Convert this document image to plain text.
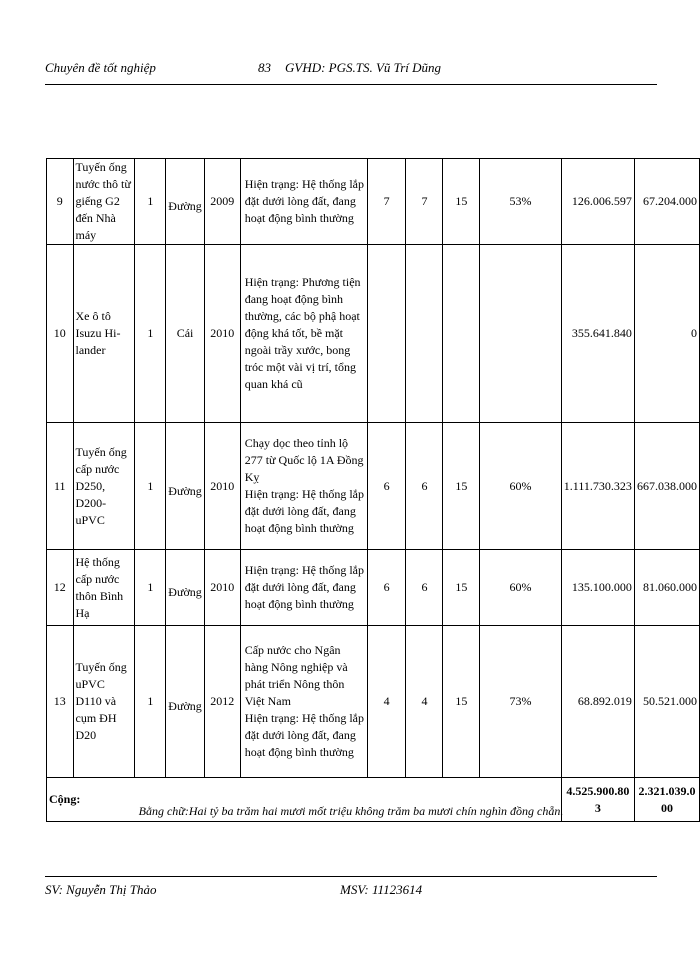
Chuyên đề tốt nghiệp	83 GVHD: PGS.TS. Vũ Trí Dũng
9	Tuyến ống nước thô từ giếng G2 đến Nhà máy	1	Đường	2009	Hiện trạng: Hệ thống lắp đặt dưới lòng đất, đang hoạt động bình thường	7	7	15	53%	126.006.597	67.204.000
10	Xe ô tô Isuzu Hi-lander	1	Cái	2010	Hiện trạng: Phương tiện đang hoạt động bình thường, các bộ phậ hoạt động khá tốt, bề mặt ngoài trầy xước, bong tróc một vài vị trí, tổng quan khá cũ					355.641.840	0
11	Tuyến ống cấp nước D250, D200-uPVC	1	Đường	2010	Chạy dọc theo tỉnh lộ 277 từ Quốc lộ 1A Đồng Kỵ
Hiện trạng: Hệ thống lắp đặt dưới lòng đất, đang hoạt động bình thường	6	6	15	60%	1.111.730.323	667.038.000
12	Hệ thống cấp nước thôn Bình Hạ	1	Đường	2010	Hiện trạng: Hệ thống lắp đặt dưới lòng đất, đang hoạt động bình thường	6	6	15	60%	135.100.000	81.060.000
13	Tuyến ống uPVC D110 và cụm ĐH D20	1	Đường	2012	Cấp nước cho Ngân hàng Nông nghiệp và phát triển Nông thôn Việt Nam
Hiện trạng: Hệ thống lắp đặt dưới lòng đất, đang hoạt động bình thường	4	4	15	73%	68.892.019	50.521.000
Cộng:										4.525.900.803	2.321.039.000
Bằng chữ:Hai tỷ ba trăm hai mươi mốt triệu không trăm ba mươi chín nghìn đồng chẵn.
SV: Nguyễn Thị Thảo	MSV: 11123614
